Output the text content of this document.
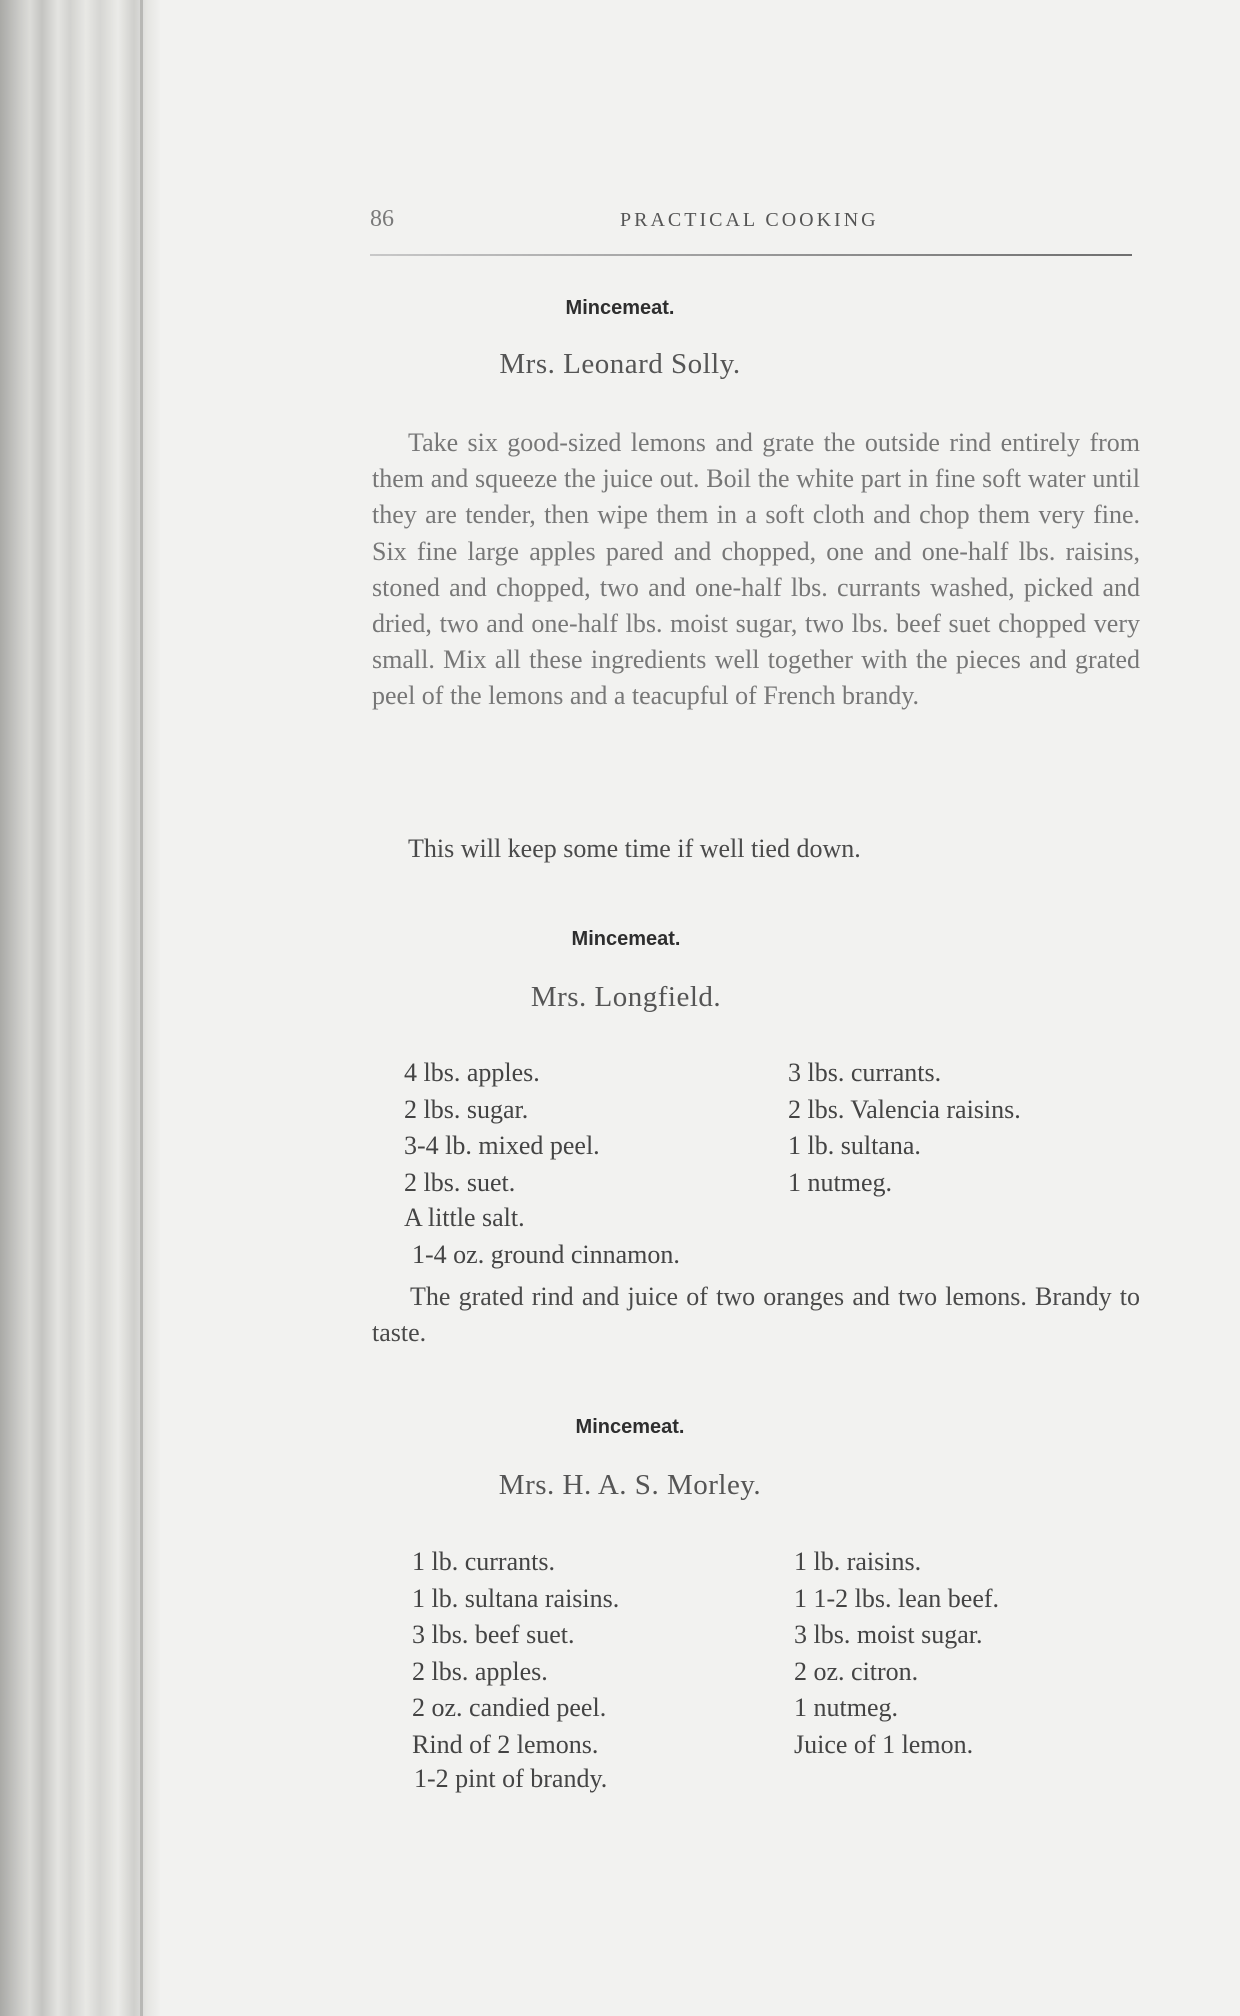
86	PRACTICAL COOKING
Mincemeat.
Mrs. Leonard Solly.

Take six good-sized lemons and grate the outside rind entirely from them and squeeze the juice out. Boil the white part in fine soft water until they are tender, then wipe them in a soft cloth and chop them very fine. Six fine large apples pared and chopped, one and one-half lbs. raisins, stoned and chopped, two and one-half lbs. currants washed, picked and dried, two and one-half lbs. moist sugar, two lbs. beef suet chopped very small. Mix all these ingredients well together with the pieces and grated peel of the lemons and a teacupful of French brandy.

This will keep some time if well tied down.

Mincemeat.
Mrs. Longfield.
4 lbs. apples.
2 lbs. sugar.
3-4 lb. mixed peel.
2 lbs. suet.
3 lbs. currants.
2 lbs. Valencia raisins.
1 lb. sultana.
1 nutmeg.
A little salt.
1-4 oz. ground cinnamon.

The grated rind and juice of two oranges and two lemons. Brandy to taste.

Mincemeat.
Mrs. H. A. S. Morley.
1 lb. currants.
1 lb. sultana raisins.
3 lbs. beef suet.
2 lbs. apples.
2 oz. candied peel.
Rind of 2 lemons.
1 lb. raisins.
1 1-2 lbs. lean beef.
3 lbs. moist sugar.
2 oz. citron.
1 nutmeg.
Juice of 1 lemon.
1-2 pint of brandy.
